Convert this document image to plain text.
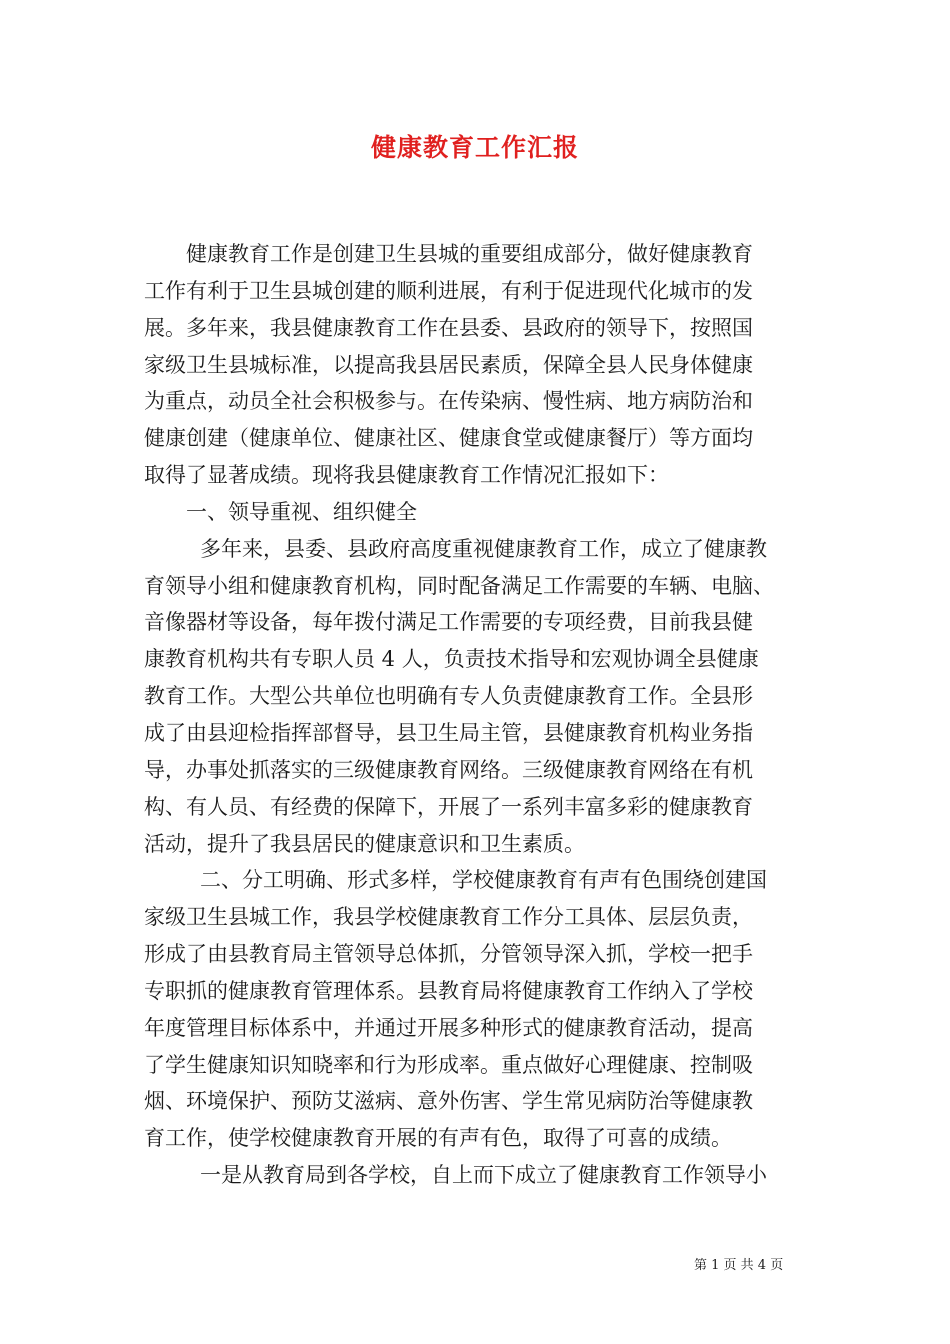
健康教育工作汇报
健康教育工作是创建卫生县城的重要组成部分，做好健康教育
工作有利于卫生县城创建的顺利进展，有利于促进现代化城市的发
展。多年来，我县健康教育工作在县委、县政府的领导下，按照国
家级卫生县城标准，以提高我县居民素质，保障全县人民身体健康
为重点，动员全社会积极参与。在传染病、慢性病、地方病防治和
健康创建（健康单位、健康社区、健康食堂或健康餐厅）等方面均
取得了显著成绩。现将我县健康教育工作情况汇报如下：
一、领导重视、组织健全
多年来，县委、县政府高度重视健康教育工作，成立了健康教
育领导小组和健康教育机构，同时配备满足工作需要的车辆、电脑、
音像器材等设备，每年拨付满足工作需要的专项经费，目前我县健
康教育机构共有专职人员 4 人，负责技术指导和宏观协调全县健康
教育工作。大型公共单位也明确有专人负责健康教育工作。全县形
成了由县迎检指挥部督导，县卫生局主管，县健康教育机构业务指
导，办事处抓落实的三级健康教育网络。三级健康教育网络在有机
构、有人员、有经费的保障下，开展了一系列丰富多彩的健康教育
活动，提升了我县居民的健康意识和卫生素质。
二、分工明确、形式多样，学校健康教育有声有色围绕创建国
家级卫生县城工作，我县学校健康教育工作分工具体、层层负责，
形成了由县教育局主管领导总体抓，分管领导深入抓，学校一把手
专职抓的健康教育管理体系。县教育局将健康教育工作纳入了学校
年度管理目标体系中，并通过开展多种形式的健康教育活动，提高
了学生健康知识知晓率和行为形成率。重点做好心理健康、控制吸
烟、环境保护、预防艾滋病、意外伤害、学生常见病防治等健康教
育工作，使学校健康教育开展的有声有色，取得了可喜的成绩。
一是从教育局到各学校，自上而下成立了健康教育工作领导小
第 1 页 共 4 页
